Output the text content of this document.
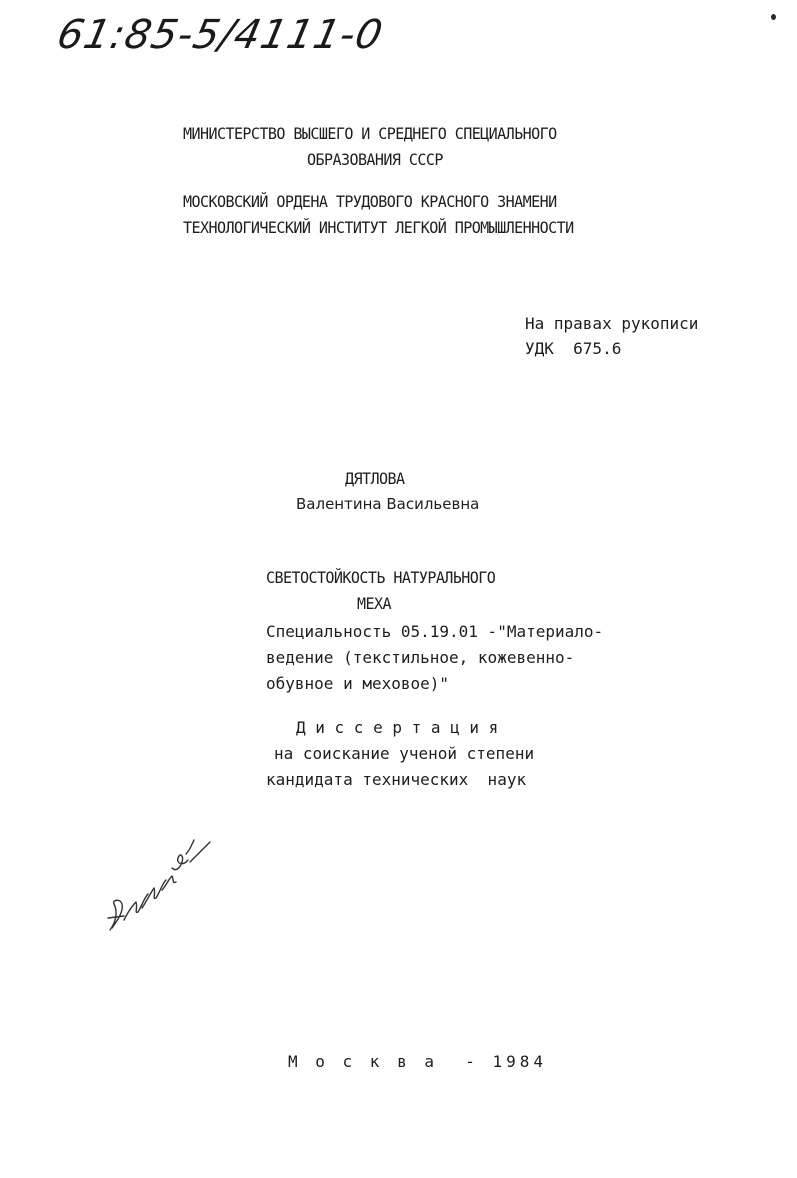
61:85-5/4111-0
МИНИСТЕРСТВО ВЫСШЕГО И СРЕДНЕГО СПЕЦИАЛЬНОГО
ОБРАЗОВАНИЯ СССР
МОСКОВСКИЙ ОРДЕНА ТРУДОВОГО КРАСНОГО ЗНАМЕНИ
ТЕХНОЛОГИЧЕСКИЙ ИНСТИТУТ ЛЕГКОЙ ПРОМЫШЛЕННОСТИ
На правах рукописи
УДК  675.6
ДЯТЛОВА
Валентина Васильевна
СВЕТОСТОЙКОСТЬ НАТУРАЛЬНОГО
МЕХА
Специальность 05.19.01 -"Материало-
ведение (текстильное, кожевенно-
обувное и меховое)"
Д и с с е р т а ц и я
на соискание ученой степени
кандидата технических  наук
М о с к в а  - 1984
